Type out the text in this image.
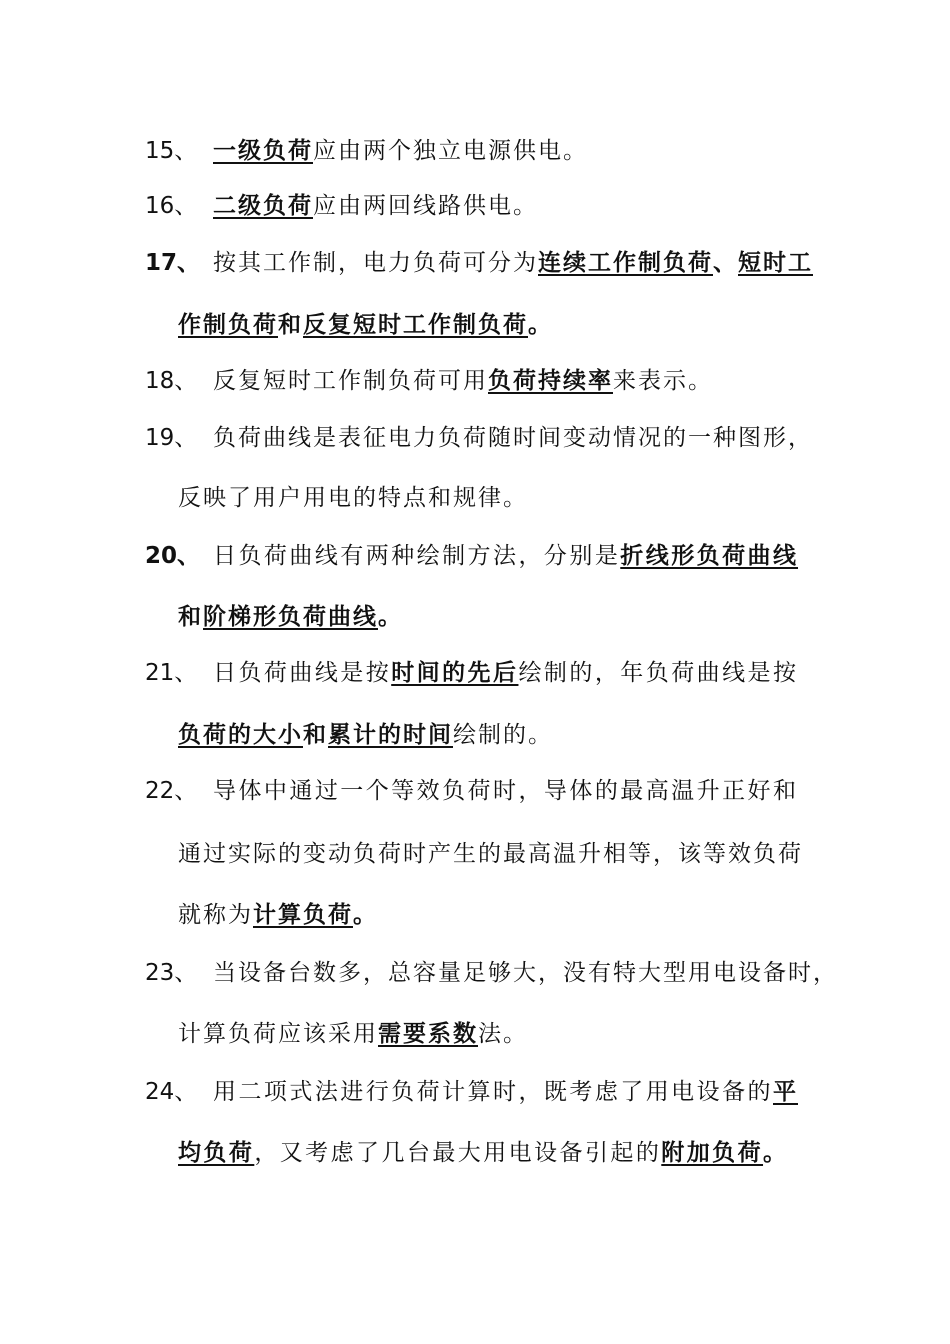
15、 一级负荷应由两个独立电源供电。
16、 二级负荷应由两回线路供电。
17、 按其工作制，电力负荷可分为连续工作制负荷、短时工
作制负荷和反复短时工作制负荷。
18、 反复短时工作制负荷可用负荷持续率来表示。
19、 负荷曲线是表征电力负荷随时间变动情况的一种图形，
反映了用户用电的特点和规律。
20、 日负荷曲线有两种绘制方法，分别是折线形负荷曲线
和阶梯形负荷曲线。
21、 日负荷曲线是按时间的先后绘制的，年负荷曲线是按
负荷的大小和累计的时间绘制的。
22、 导体中通过一个等效负荷时，导体的最高温升正好和
通过实际的变动负荷时产生的最高温升相等，该等效负荷
就称为计算负荷。
23、 当设备台数多，总容量足够大，没有特大型用电设备时，
计算负荷应该采用需要系数法。
24、 用二项式法进行负荷计算时，既考虑了用电设备的平
均负荷，又考虑了几台最大用电设备引起的附加负荷。
